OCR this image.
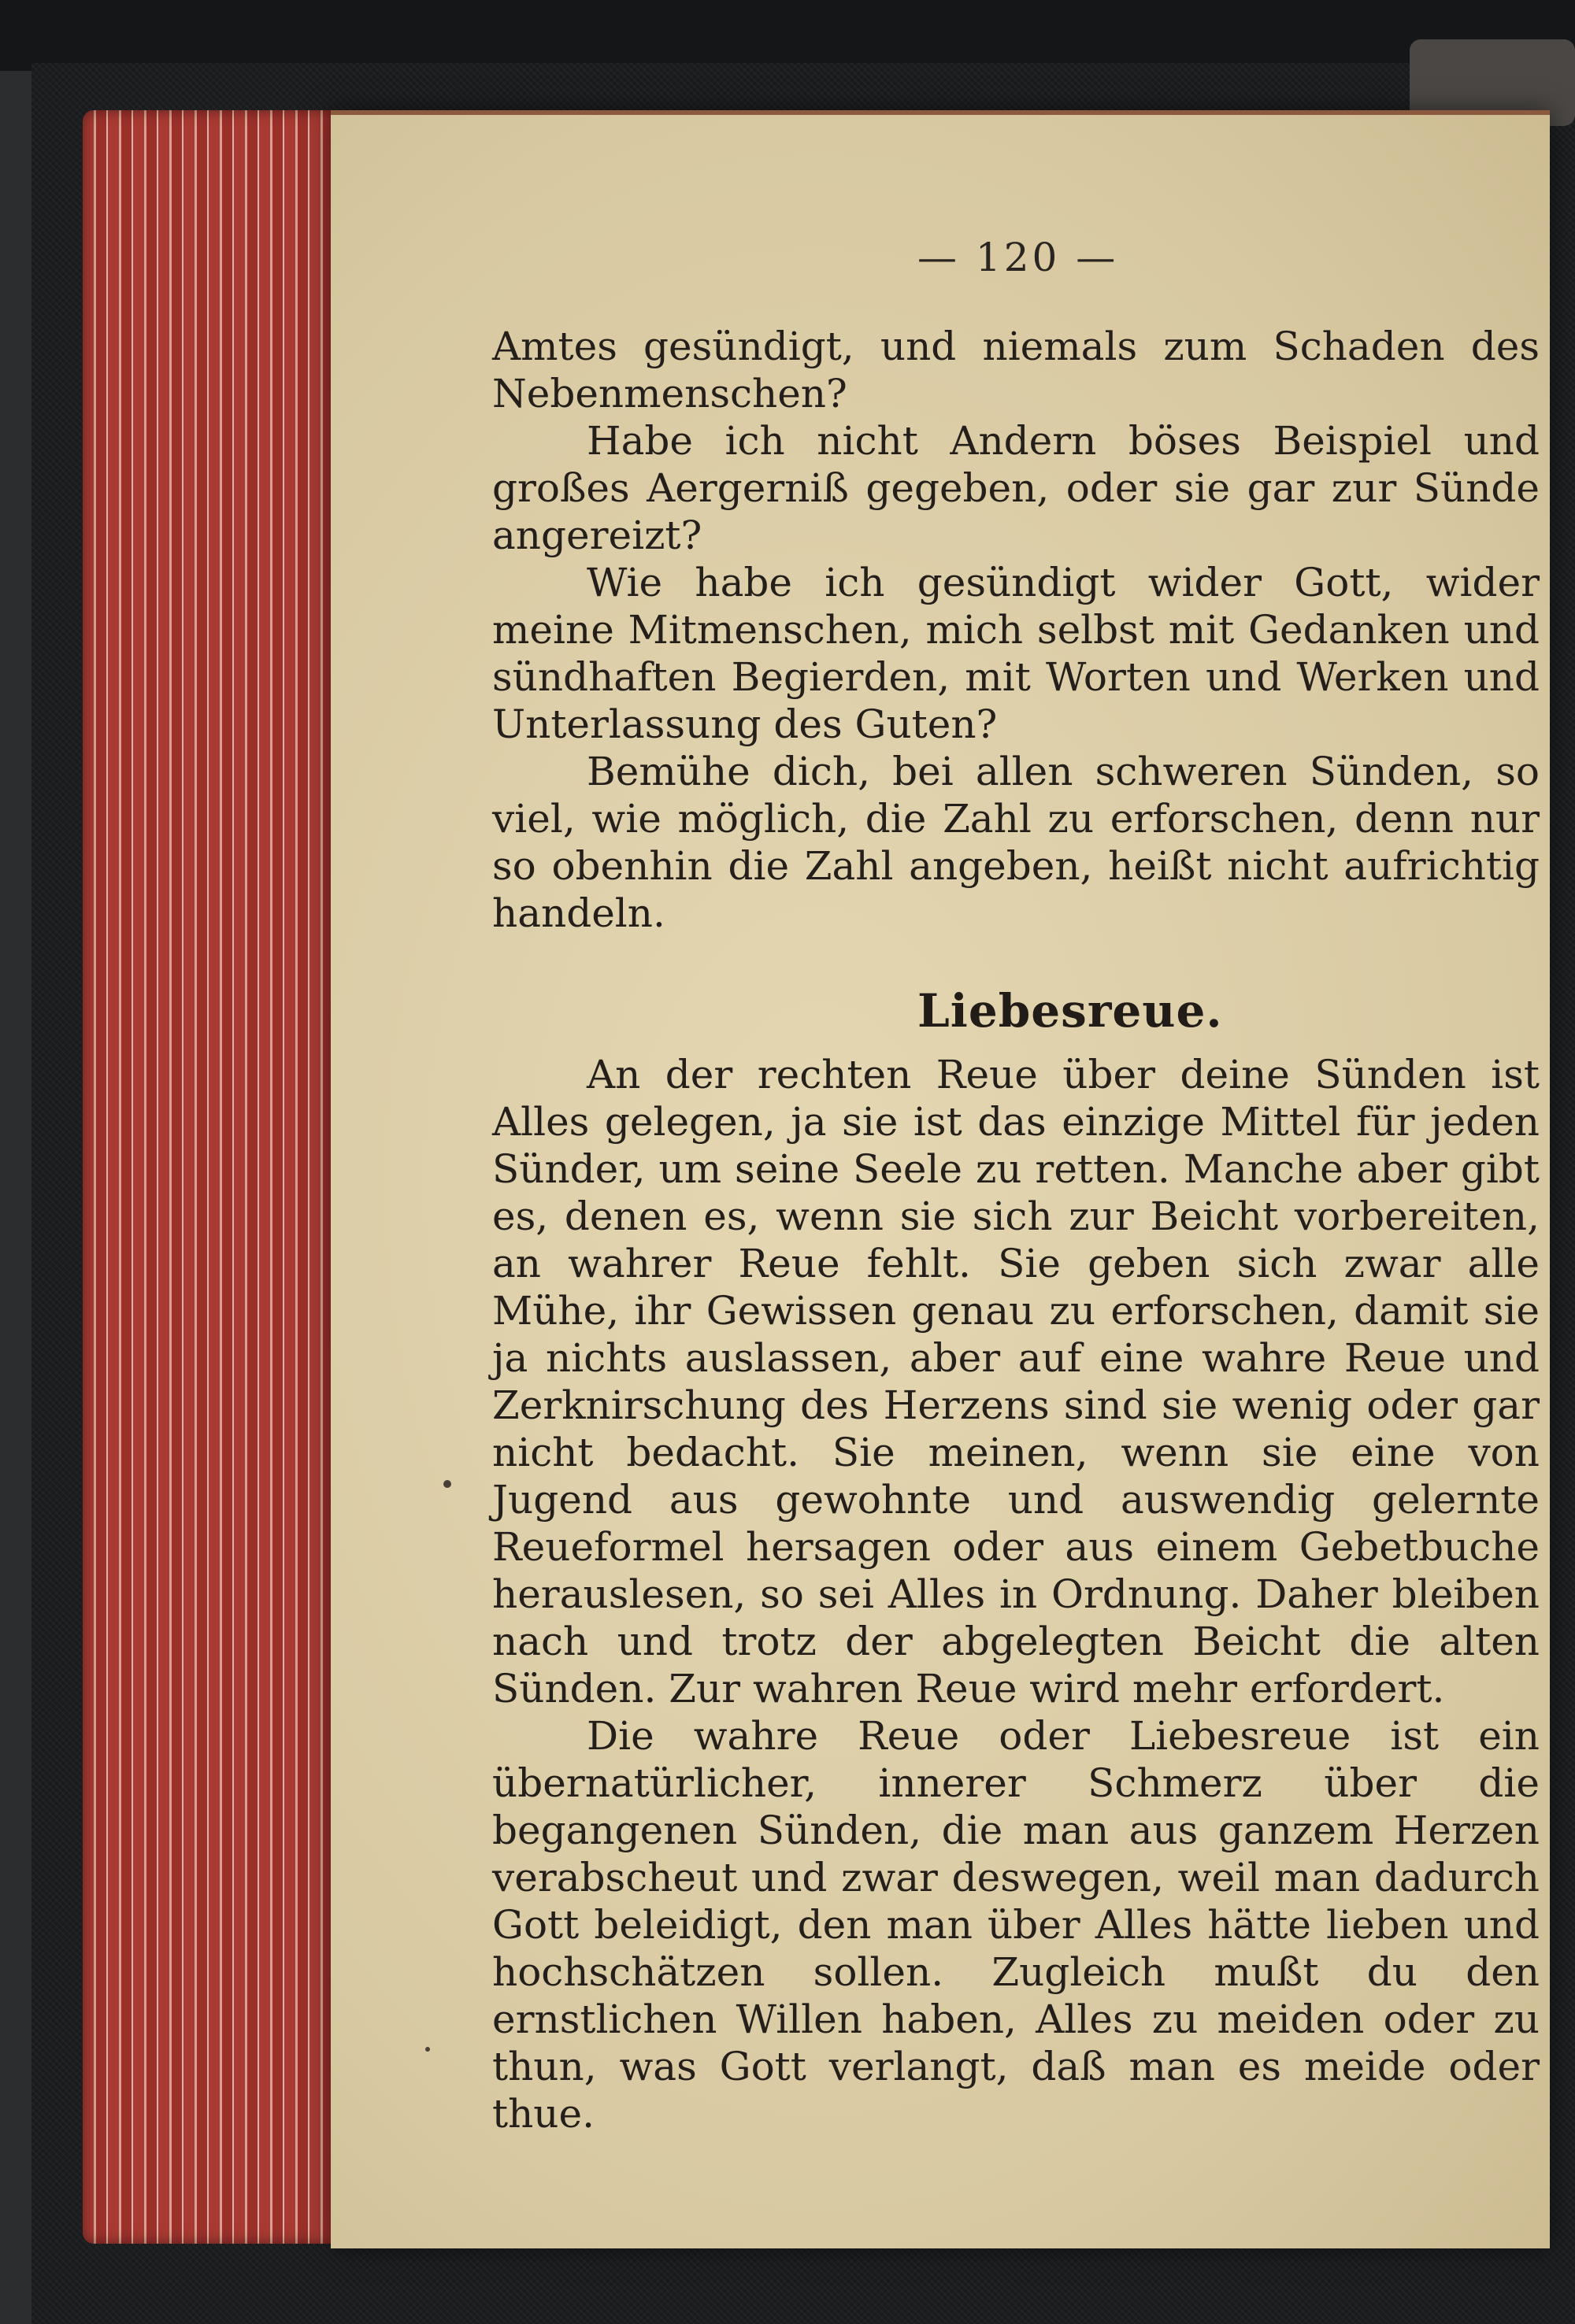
— 120 —

Amtes gesündigt, und niemals zum Schaden des Nebenmenschen?

Habe ich nicht Andern böses Beispiel und großes Aergerniß gegeben, oder sie gar zur Sünde angereizt?

Wie habe ich gesündigt wider Gott, wider meine Mitmenschen, mich selbst mit Gedanken und sündhaften Begierden, mit Worten und Werken und Unterlassung des Guten?

Bemühe dich, bei allen schweren Sünden, so viel, wie möglich, die Zahl zu erforschen, denn nur so obenhin die Zahl angeben, heißt nicht aufrichtig handeln.

Liebesreue.

An der rechten Reue über deine Sünden ist Alles gelegen, ja sie ist das einzige Mittel für jeden Sünder, um seine Seele zu retten. Manche aber gibt es, denen es, wenn sie sich zur Beicht vorbereiten, an wahrer Reue fehlt. Sie geben sich zwar alle Mühe, ihr Gewissen genau zu erforschen, damit sie ja nichts auslassen, aber auf eine wahre Reue und Zerknirschung des Herzens sind sie wenig oder gar nicht bedacht. Sie meinen, wenn sie eine von Jugend aus gewohnte und auswendig gelernte Reueformel hersagen oder aus einem Gebetbuche herauslesen, so sei Alles in Ordnung. Daher bleiben nach und trotz der abgelegten Beicht die alten Sünden. Zur wahren Reue wird mehr erfordert.

Die wahre Reue oder Liebesreue ist ein übernatürlicher, innerer Schmerz über die begangenen Sünden, die man aus ganzem Herzen verabscheut und zwar deswegen, weil man dadurch Gott beleidigt, den man über Alles hätte lieben und hochschätzen sollen. Zugleich mußt du den ernstlichen Willen haben, Alles zu meiden oder zu thun, was Gott verlangt, daß man es meide oder thue.
